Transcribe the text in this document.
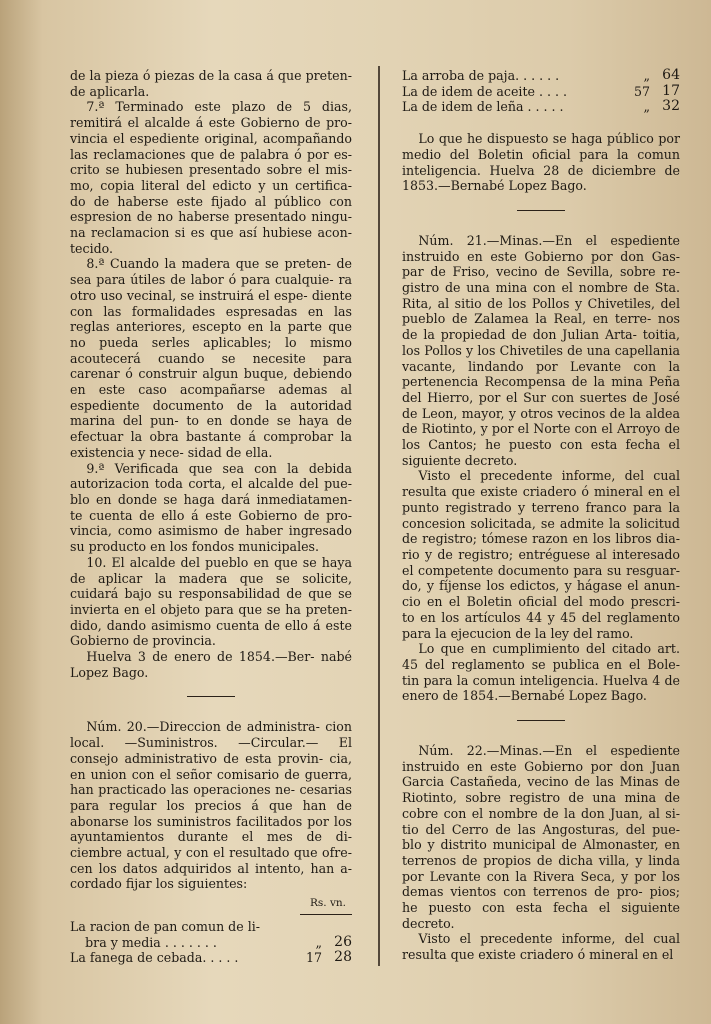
de la pieza ó piezas de la casa á que preten- de aplicarla.

7.ª Terminado este plazo de 5 dias, remitirá el alcalde á este Gobierno de pro- vincia el espediente original, acompañando las reclamaciones que de palabra ó por es- crito se hubiesen presentado sobre el mis- mo, copia literal del edicto y un certifica- do de haberse este fijado al público con espresion de no haberse presentado ningu- na reclamacion si es que así hubiese acon- tecido.

8.ª Cuando la madera que se preten- de sea para útiles de labor ó para cualquie- ra otro uso vecinal, se instruirá el espe- diente con las formalidades espresadas en las reglas anteriores, escepto en la parte que no pueda serles aplicables; lo mismo acoutecerá cuando se necesite para carenar ó construir algun buque, debiendo en este caso acompañarse ademas al espediente documento de la autoridad marina del pun- to en donde se haya de efectuar la obra bastante á comprobar la existencia y nece- sidad de ella.

9.ª Verificada que sea con la debida autorizacion toda corta, el alcalde del pue- blo en donde se haga dará inmediatamen- te cuenta de ello á este Gobierno de pro- vincia, como asimismo de haber ingresado su producto en los fondos municipales.

10. El alcalde del pueblo en que se haya de aplicar la madera que se solicite, cuidará bajo su responsabilidad de que se invierta en el objeto para que se ha preten- dido, dando asimismo cuenta de ello á este Gobierno de provincia.

Huelva 3 de enero de 1854.—Ber- nabé Lopez Bago.

Núm. 20.—Direccion de administra- cion local. —Suministros. —Circular.— El consejo administrativo de esta provin- cia, en union con el señor comisario de guerra, han practicado las operaciones ne- cesarias para regular los precios á que han de abonarse los suministros facilitados por los ayuntamientos durante el mes de di- ciembre actual, y con el resultado que ofre- cen los datos adquiridos al intento, han a- cordado fijar los siguientes:

Rs. vn.
La racion de pan comun de li-		
bra y media . . . . . . .	„	26
La fanega de cebada. . . . .	17	28
La arroba de paja. . . . . .	„	64
La de idem de aceite . . . .	57	17
La de idem de leña . . . . .	„	32

Lo que he dispuesto se haga público por medio del Boletin oficial para la comun inteligencia. Huelva 28 de diciembre de 1853.—Bernabé Lopez Bago.

Núm. 21.—Minas.—En el espediente instruido en este Gobierno por don Gas- par de Friso, vecino de Sevilla, sobre re- gistro de una mina con el nombre de Sta. Rita, al sitio de los Pollos y Chivetiles, del pueblo de Zalamea la Real, en terre- nos de la propiedad de don Julian Arta- toitia, los Pollos y los Chivetiles de una capellania vacante, lindando por Levante con la pertenencia Recompensa de la mina Peña del Hierro, por el Sur con suertes de José de Leon, mayor, y otros vecinos de la aldea de Riotinto, y por el Norte con el Arroyo de los Cantos; he puesto con esta fecha el siguiente decreto.

Visto el precedente informe, del cual resulta que existe criadero ó mineral en el punto registrado y terreno franco para la concesion solicitada, se admite la solicitud de registro; tómese razon en los libros dia- rio y de registro; entréguese al interesado el competente documento para su resguar- do, y fíjense los edictos, y hágase el anun- cio en el Boletin oficial del modo prescri- to en los artículos 44 y 45 del reglamento para la ejecucion de la ley del ramo.

Lo que en cumplimiento del citado art. 45 del reglamento se publica en el Bole- tin para la comun inteligencia. Huelva 4 de enero de 1854.—Bernabé Lopez Bago.

Núm. 22.—Minas.—En el espediente instruido en este Gobierno por don Juan Garcia Castañeda, vecino de las Minas de Riotinto, sobre registro de una mina de cobre con el nombre de la don Juan, al si- tio del Cerro de las Angosturas, del pue- blo y distrito municipal de Almonaster, en terrenos de propios de dicha villa, y linda por Levante con la Rivera Seca, y por los demas vientos con terrenos de pro- pios; he puesto con esta fecha el siguiente decreto.

Visto el precedente informe, del cual resulta que existe criadero ó mineral en el
